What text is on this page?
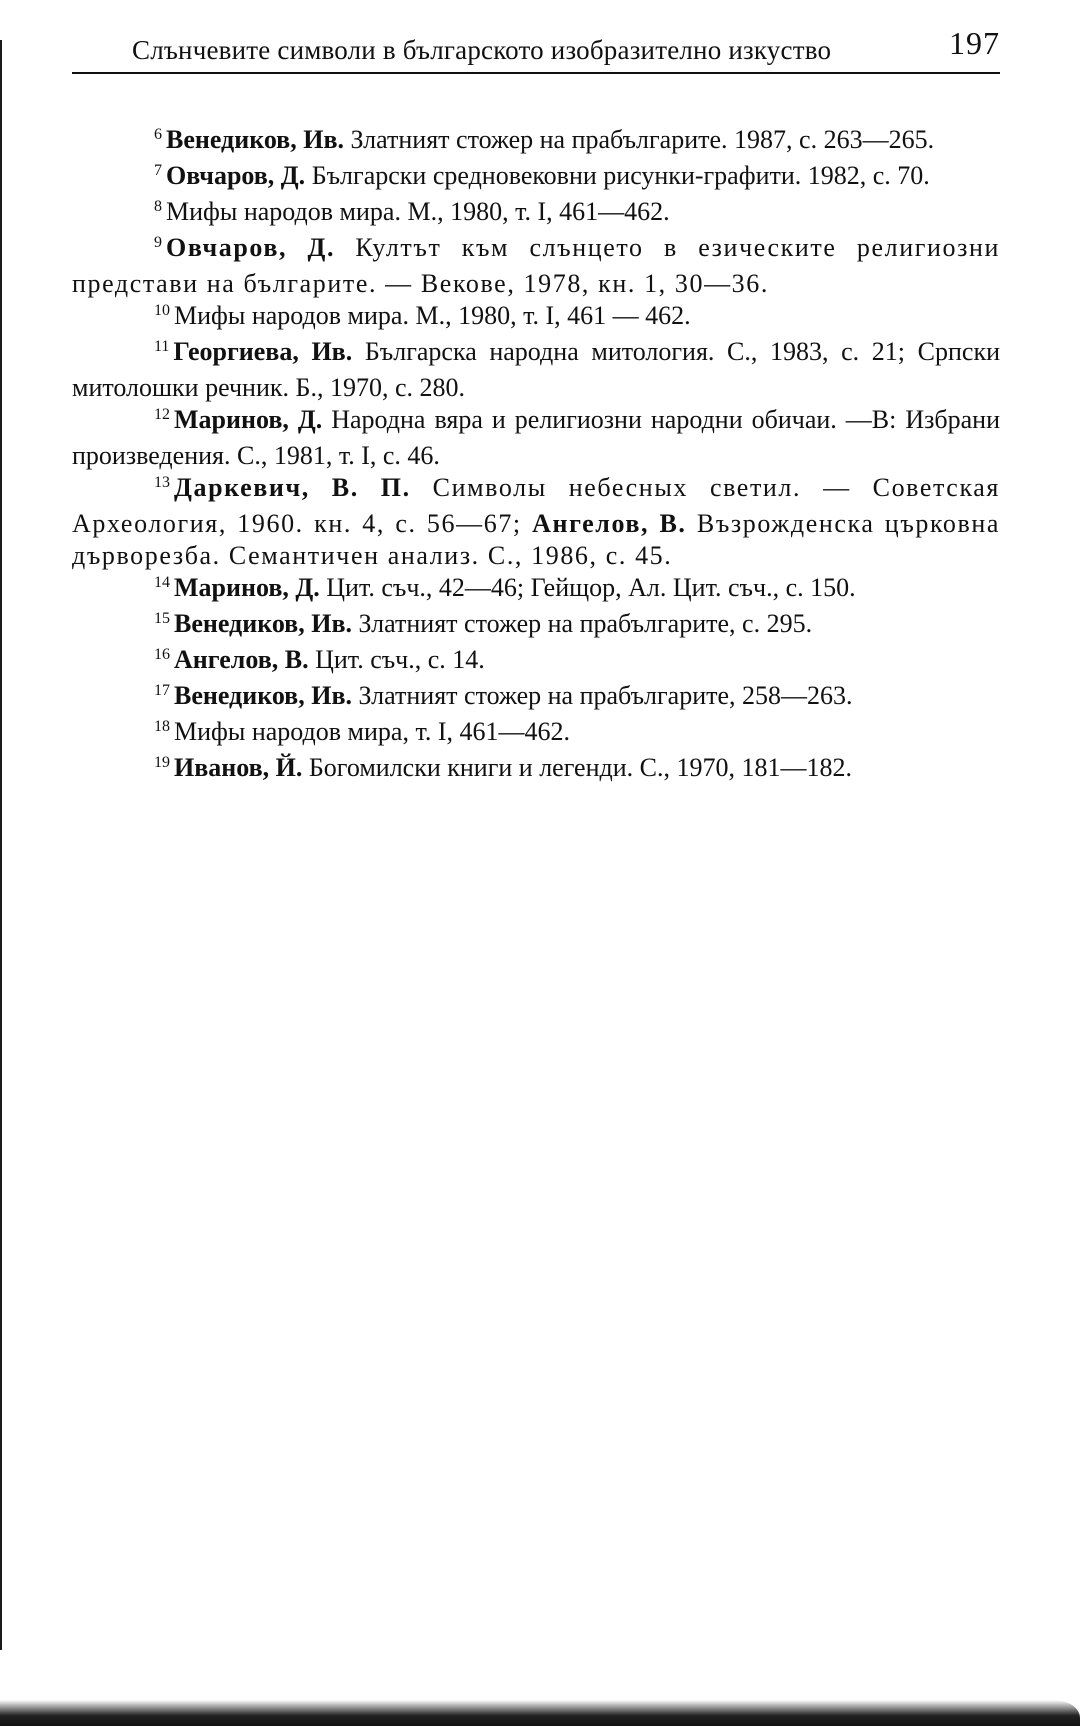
Слънчевите символи в българското изобразително изкуство	197

$^6$ Венедиков, Ив. Златният стожер на прабългарите. 1987, с. 263—265.

$^7$ Овчаров, Д. Български средновековни рисунки-графити. 1982, с. 70.

$^8$ Мифы народов мира. М., 1980, т. I, 461—462.

$^9$ Овчаров, Д. Култът към слънцето в езическите религиозни представи на българите. — Векове, 1978, кн. 1, 30—36.

$^{10}$ Мифы народов мира. М., 1980, т. I, 461 — 462.

$^{11}$ Георгиева, Ив. Българска народна митология. С., 1983, с. 21; Српски митолошки речник. Б., 1970, с. 280.

$^{12}$ Маринов, Д. Народна вяра и религиозни народни обичаи. —В: Избрани произведения. С., 1981, т. I, с. 46.

$^{13}$ Даркевич, В. П. Символы небесных светил. — Советская Археология, 1960. кн. 4, с. 56—67; Ангелов, В. Възрожденска църковна дърворезба. Семантичен анализ. С., 1986, с. 45.

$^{14}$ Маринов, Д. Цит. съч., 42—46; Гейщор, Ал. Цит. съч., с. 150.

$^{15}$ Венедиков, Ив. Златният стожер на прабългарите, с. 295.

$^{16}$ Ангелов, В. Цит. съч., с. 14.

$^{17}$ Венедиков, Ив. Златният стожер на прабългарите, 258—263.

$^{18}$ Мифы народов мира, т. I, 461—462.

$^{19}$ Иванов, Й. Богомилски книги и легенди. С., 1970, 181—182.
